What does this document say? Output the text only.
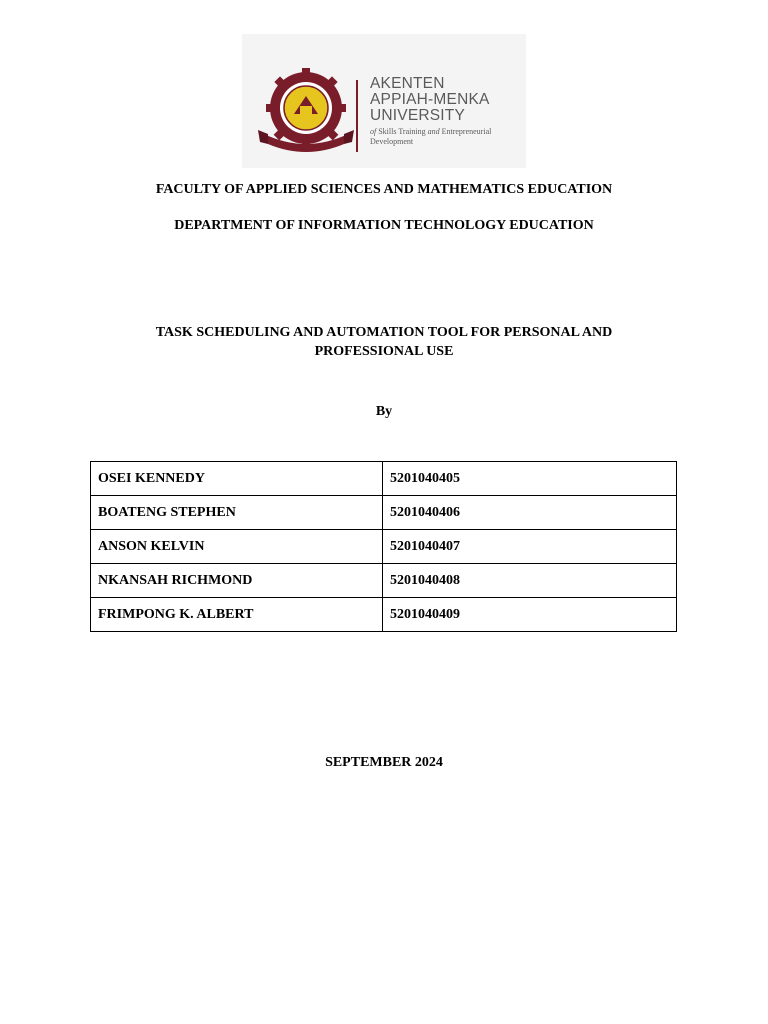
AKENTEN
APPIAH-MENKA
UNIVERSITY
of Skills Training and Entrepreneurial Development
FACULTY OF APPLIED SCIENCES AND MATHEMATICS EDUCATION
DEPARTMENT OF INFORMATION TECHNOLOGY EDUCATION
TASK SCHEDULING AND AUTOMATION TOOL FOR PERSONAL AND PROFESSIONAL USE
By
OSEI KENNEDY	5201040405
BOATENG STEPHEN	5201040406
ANSON KELVIN	5201040407
NKANSAH RICHMOND	5201040408
FRIMPONG K. ALBERT	5201040409
SEPTEMBER 2024
